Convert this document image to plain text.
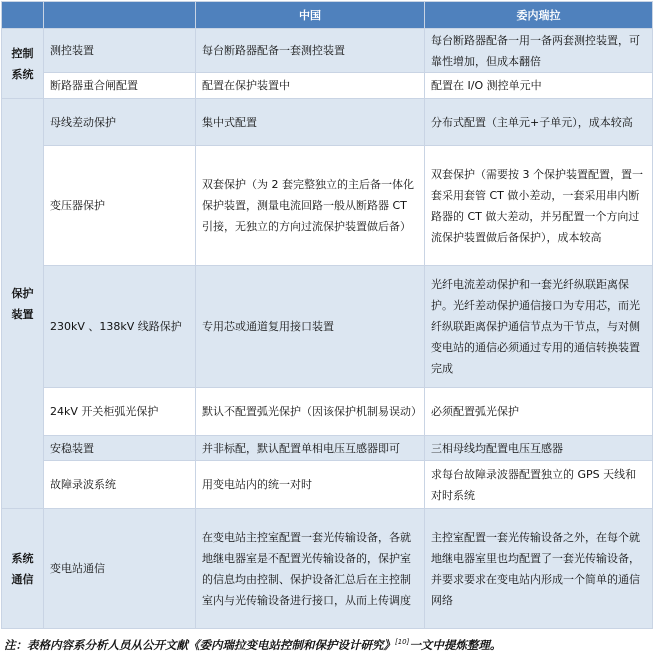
		中国	委内瑞拉
控制系统	测控装置	每台断路器配备一套测控装置	每台断路器配备一用一备两套测控装置，可靠性增加，但成本翻倍
	断路器重合闸配置	配置在保护装置中	配置在 I/O 测控单元中
保护装置	母线差动保护	集中式配置	分布式配置（主单元+子单元），成本较高
	变压器保护	双套保护（为 2 套完整独立的主后备一体化保护装置，测量电流回路一般从断路器 CT 引接，无独立的方向过流保护装置做后备）	双套保护（需要按 3 个保护装置配置，置一套采用套管 CT 做小差动，一套采用串内断路器的 CT 做大差动，并另配置一个方向过流保护装置做后备保护），成本较高
	230kV 、138kV 线路保护	专用芯或通道复用接口装置	光纤电流差动保护和一套光纤纵联距离保护。光纤差动保护通信接口为专用芯，而光纤纵联距离保护通信节点为干节点，与对侧变电站的通信必须通过专用的通信转换装置完成
	24kV 开关柜弧光保护	默认不配置弧光保护（因该保护机制易误动）	必须配置弧光保护
	安稳装置	并非标配，默认配置单相电压互感器即可	三相母线均配置电压互感器
	故障录波系统	用变电站内的统一对时	求每台故障录波器配置独立的 GPS 天线和对时系统
系统通信	变电站通信	在变电站主控室配置一套光传输设备，各就地继电器室是不配置光传输设备的，保护室的信息均由控制、保护设备汇总后在主控制室内与光传输设备进行接口，从而上传调度	主控室配置一套光传输设备之外，在每个就地继电器室里也均配置了一套光传输设备，并要求要求在变电站内形成一个简单的通信网络
注：表格内容系分析人员从公开文献《委内瑞拉变电站控制和保护设计研究》[10]一文中提炼整理。
